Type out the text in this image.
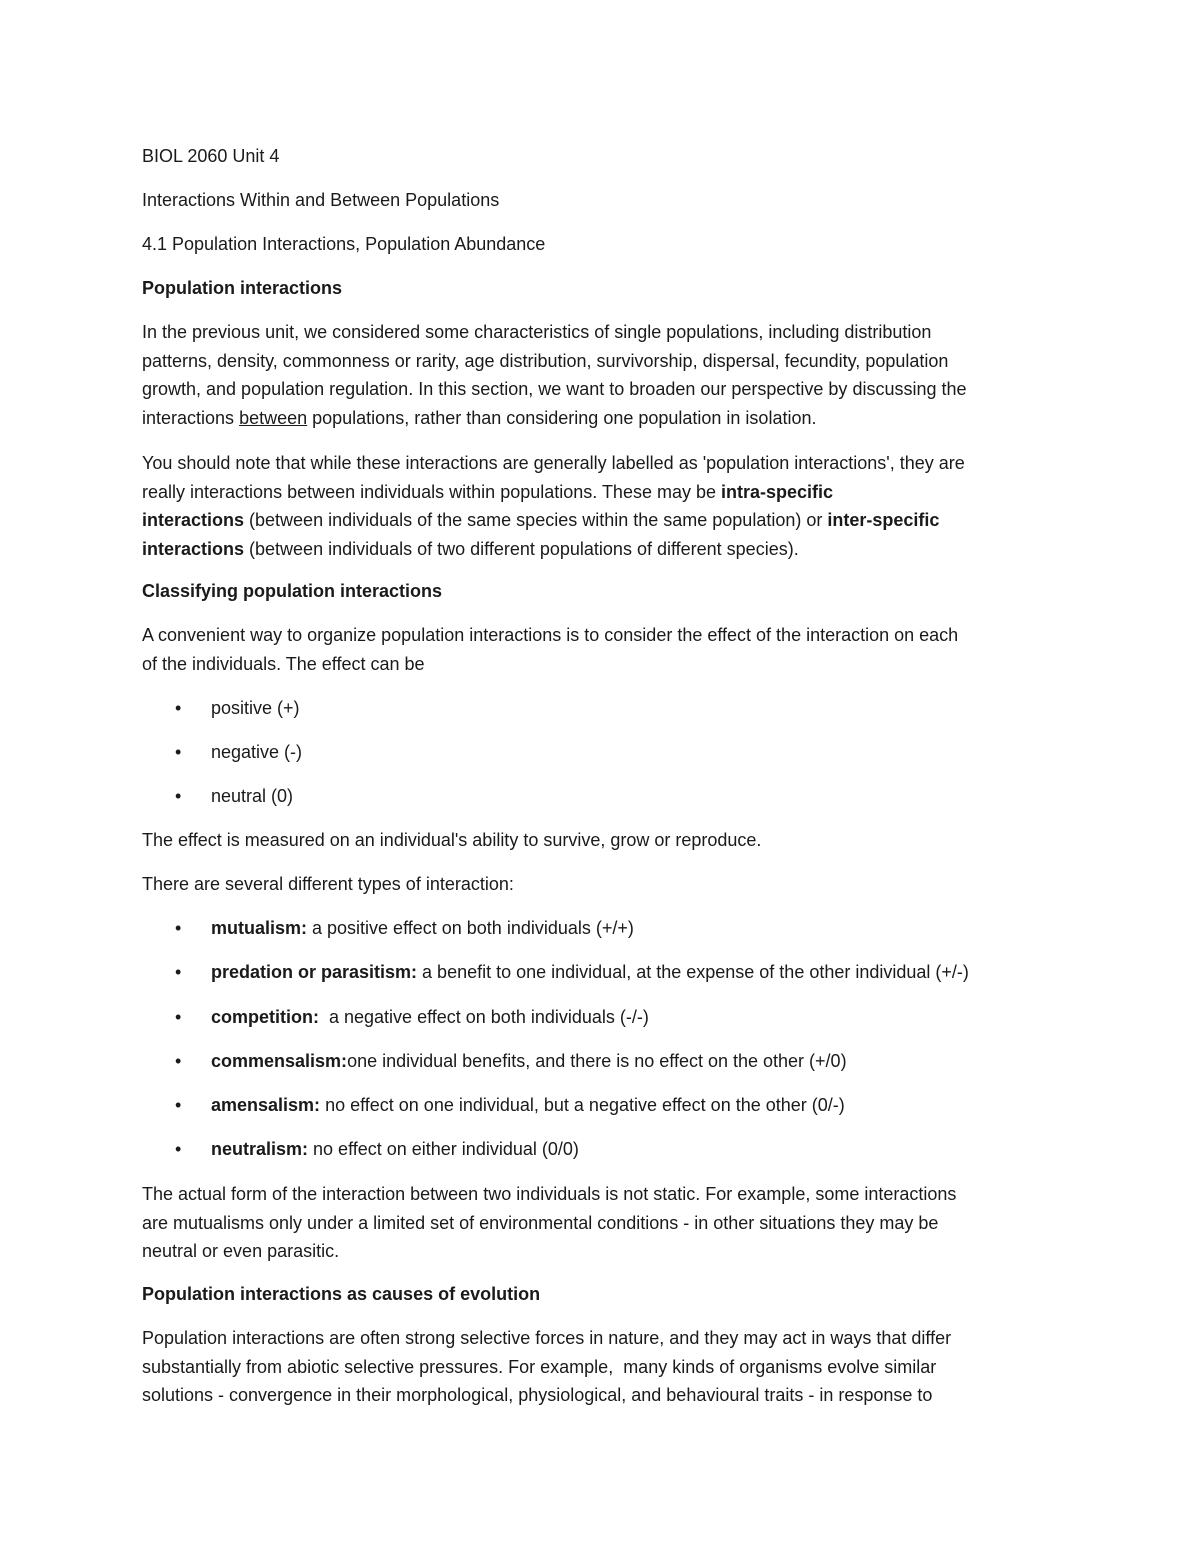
BIOL 2060 Unit 4

Interactions Within and Between Populations

4.1 Population Interactions, Population Abundance

Population interactions

In the previous unit, we considered some characteristics of single populations, including distribution
patterns, density, commonness or rarity, age distribution, survivorship, dispersal, fecundity, population
growth, and population regulation. In this section, we want to broaden our perspective by discussing the
interactions between populations, rather than considering one population in isolation.

You should note that while these interactions are generally labelled as 'population interactions', they are
really interactions between individuals within populations. These may be intra-specific
interactions (between individuals of the same species within the same population) or inter-specific
interactions (between individuals of two different populations of different species).

Classifying population interactions

A convenient way to organize population interactions is to consider the effect of the interaction on each
of the individuals. The effect can be

• positive (+)
• negative (-)
• neutral (0)

The effect is measured on an individual's ability to survive, grow or reproduce.

There are several different types of interaction:

• mutualism: a positive effect on both individuals (+/+)
• predation or parasitism: a benefit to one individual, at the expense of the other individual (+/-)
• competition:  a negative effect on both individuals (-/-)
• commensalism:one individual benefits, and there is no effect on the other (+/0)
• amensalism: no effect on one individual, but a negative effect on the other (0/-)
• neutralism: no effect on either individual (0/0)

The actual form of the interaction between two individuals is not static. For example, some interactions
are mutualisms only under a limited set of environmental conditions - in other situations they may be
neutral or even parasitic.

Population interactions as causes of evolution

Population interactions are often strong selective forces in nature, and they may act in ways that differ
substantially from abiotic selective pressures. For example,  many kinds of organisms evolve similar
solutions - convergence in their morphological, physiological, and behavioural traits - in response to
